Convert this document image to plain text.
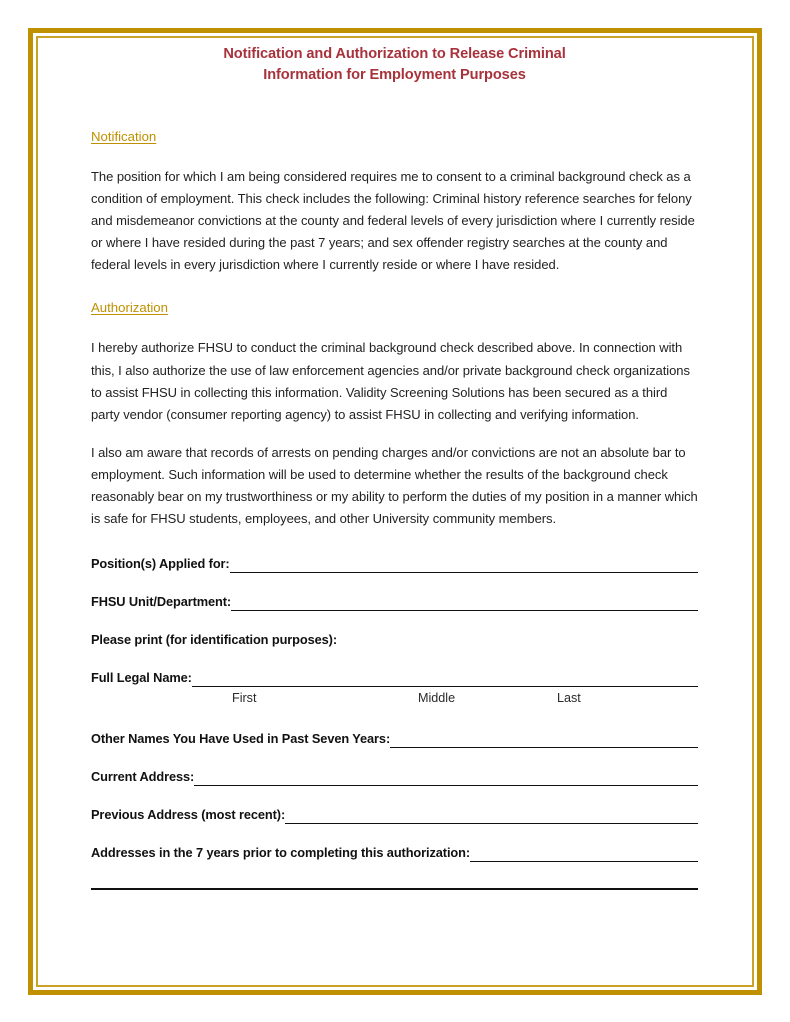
Notification and Authorization to Release Criminal
Information for Employment Purposes
Notification

The position for which I am being considered requires me to consent to a criminal background check as a condition of employment. This check includes the following: Criminal history reference searches for felony and misdemeanor convictions at the county and federal levels of every jurisdiction where I currently reside or where I have resided during the past 7 years; and sex offender registry searches at the county and federal levels in every jurisdiction where I currently reside or where I have resided.

Authorization

I hereby authorize FHSU to conduct the criminal background check described above. In connection with this, I also authorize the use of law enforcement agencies and/or private background check organizations to assist FHSU in collecting this information. Validity Screening Solutions has been secured as a third party vendor (consumer reporting agency) to assist FHSU in collecting and verifying information.

I also am aware that records of arrests on pending charges and/or convictions are not an absolute bar to employment. Such information will be used to determine whether the results of the background check reasonably bear on my trustworthiness or my ability to perform the duties of my position in a manner which is safe for FHSU students, employees, and other University community members.

Position(s) Applied for:
FHSU Unit/Department:
Please print (for identification purposes):
Full Legal Name:
First	Middle	Last
Other Names You Have Used in Past Seven Years:
Current Address:
Previous Address (most recent):
Addresses in the 7 years prior to completing this authorization:
